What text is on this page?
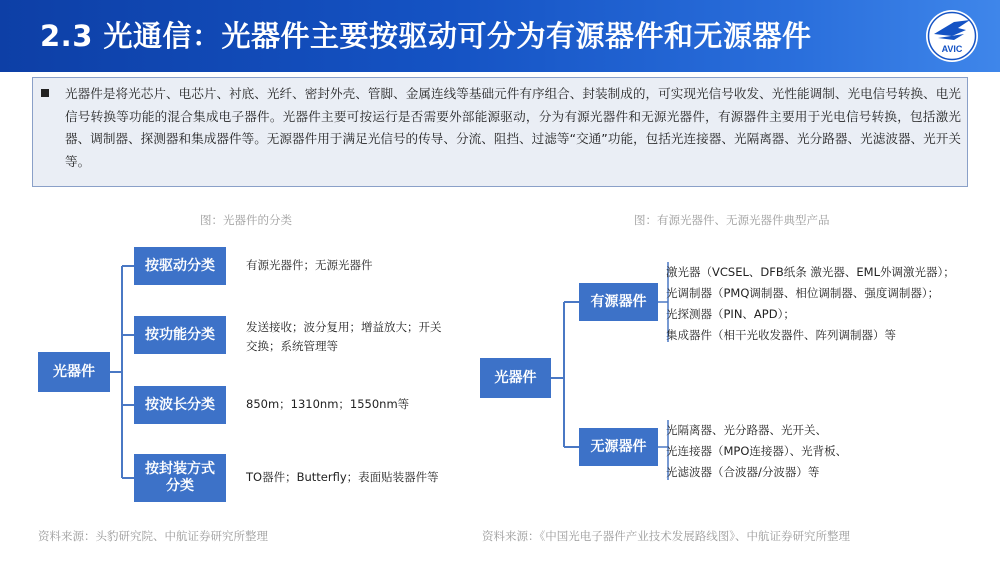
2.3 光通信：光器件主要按驱动可分为有源器件和无源器件	AVIC
光器件是将光芯片、电芯片、衬底、光纤、密封外壳、管脚、金属连线等基础元件有序组合、封装制成的，可实现光信号收发、光性能调制、光电信号转换、电光信号转换等功能的混合集成电子器件。光器件主要可按运行是否需要外部能源驱动，分为有源光器件和无源光器件，有源器件主要用于光电信号转换，包括激光器、调制器、探测器和集成器件等。无源器件用于满足光信号的传导、分流、阻挡、过滤等“交通”功能，包括光连接器、光隔离器、光分路器、光滤波器、光开关等。
图：光器件的分类	图：有源光器件、无源光器件典型产品
光器件
按驱动分类
按功能分类
按波长分类
按封装方式
分类
有源光器件；无源光器件
发送接收；波分复用；增益放大；开关
交换；系统管理等
850m；1310nm；1550nm等
TO器件；Butterfly；表面贴装器件等
光器件
有源器件
无源器件
激光器（VCSEL、DFB纸条 激光器、EML外调激光器）；
光调制器（PMQ调制器、相位调制器、强度调制器）；
光探测器（PIN、APD）；
集成器件（相干光收发器件、阵列调制器）等
光隔离器、光分路器、光开关、
光连接器（MPO连接器）、光背板、
光滤波器（合波器/分波器）等
资料来源：头豹研究院、中航证券研究所整理	资料来源：《中国光电子器件产业技术发展路线图》、中航证券研究所整理
